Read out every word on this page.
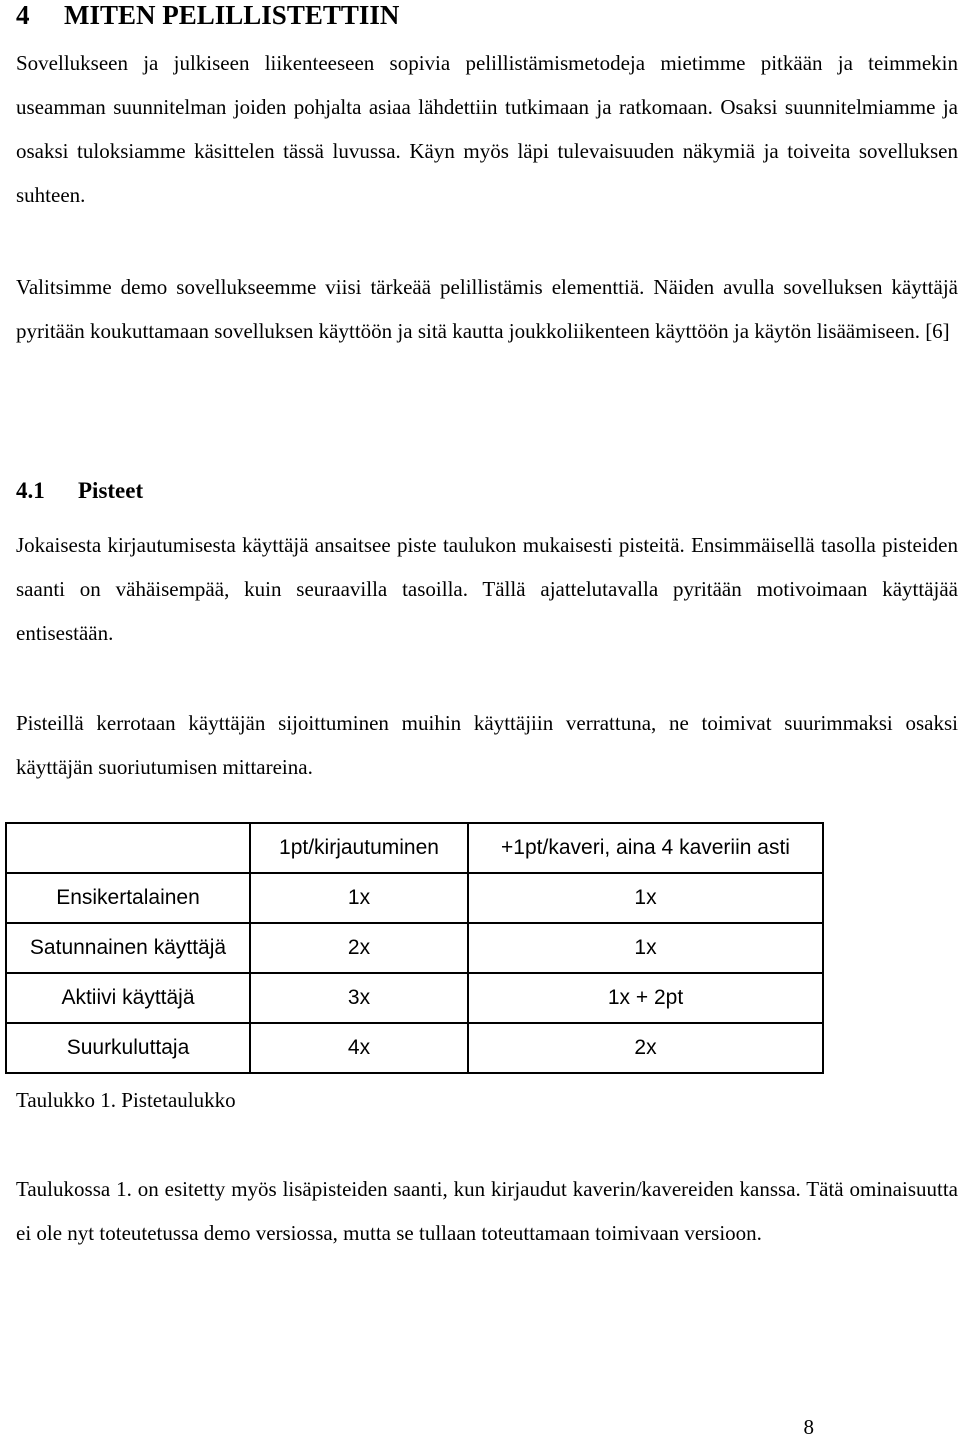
4 MITEN PELILLISTETTIIN

Sovellukseen ja julkiseen liikenteeseen sopivia pelillistämismetodeja mietimme pitkään ja teimmekin useamman suunnitelman joiden pohjalta asiaa lähdettiin tutkimaan ja ratkomaan. Osaksi suunnitelmiamme ja osaksi tuloksiamme käsittelen tässä luvussa. Käyn myös läpi tulevaisuuden näkymiä ja toiveita sovelluksen suhteen.

Valitsimme demo sovellukseemme viisi tärkeää pelillistämis elementtiä. Näiden avulla sovelluksen käyttäjä pyritään koukuttamaan sovelluksen käyttöön ja sitä kautta joukkoliikenteen käyttöön ja käytön lisäämiseen. [6]

4.1 Pisteet

Jokaisesta kirjautumisesta käyttäjä ansaitsee piste taulukon mukaisesti pisteitä. Ensimmäisellä tasolla pisteiden saanti on vähäisempää, kuin seuraavilla tasoilla. Tällä ajattelutavalla pyritään motivoimaan käyttäjää entisestään.

Pisteillä kerrotaan käyttäjän sijoittuminen muihin käyttäjiin verrattuna, ne toimivat suurimmaksi osaksi käyttäjän suoriutumisen mittareina.

	1pt/kirjautuminen	+1pt/kaveri, aina 4 kaveriin asti
Ensikertalainen	1x	1x
Satunnainen käyttäjä	2x	1x
Aktiivi käyttäjä	3x	1x + 2pt
Suurkuluttaja	4x	2x
Taulukko 1. Pistetaulukko

Taulukossa 1. on esitetty myös lisäpisteiden saanti, kun kirjaudut kaverin/kavereiden kanssa. Tätä ominaisuutta ei ole nyt toteutetussa demo versiossa, mutta se tullaan toteuttamaan toimivaan versioon.

8
